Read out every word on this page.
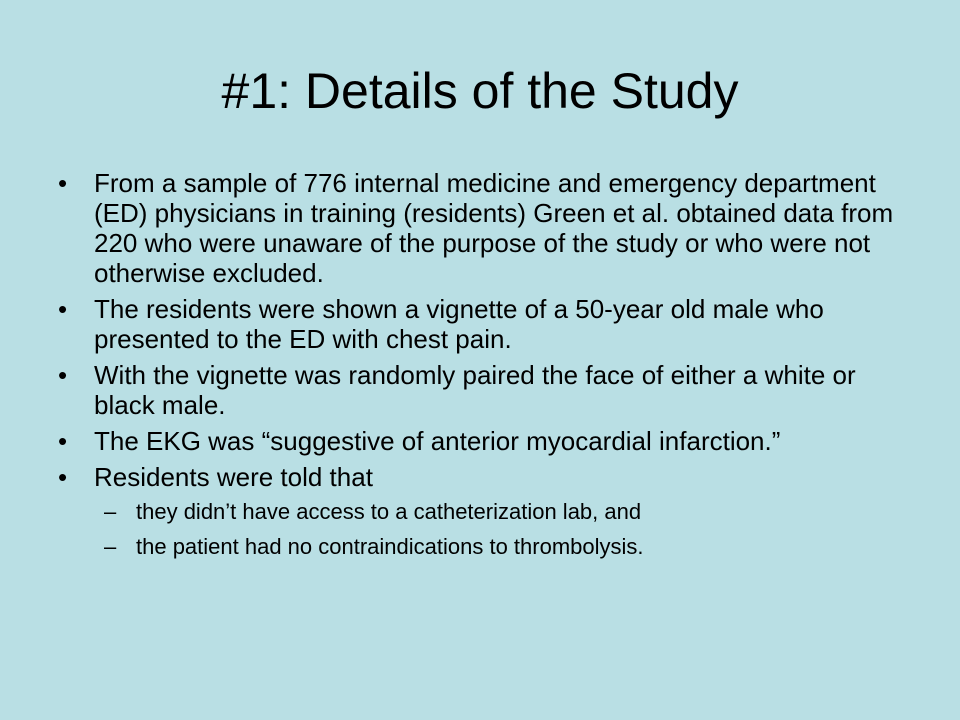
#1: Details of the Study
• From a sample of 776 internal medicine and emergency department (ED) physicians in training (residents) Green et al. obtained data from 220 who were unaware of the purpose of the study or who were not otherwise excluded.
• The residents were shown a vignette of a 50-year old male who presented to the ED with chest pain.
• With the vignette was randomly paired the face of either a white or black male.
• The EKG was “suggestive of anterior myocardial infarction.”
• Residents were told that
– they didn’t have access to a catheterization lab, and
– the patient had no contraindications to thrombolysis.
